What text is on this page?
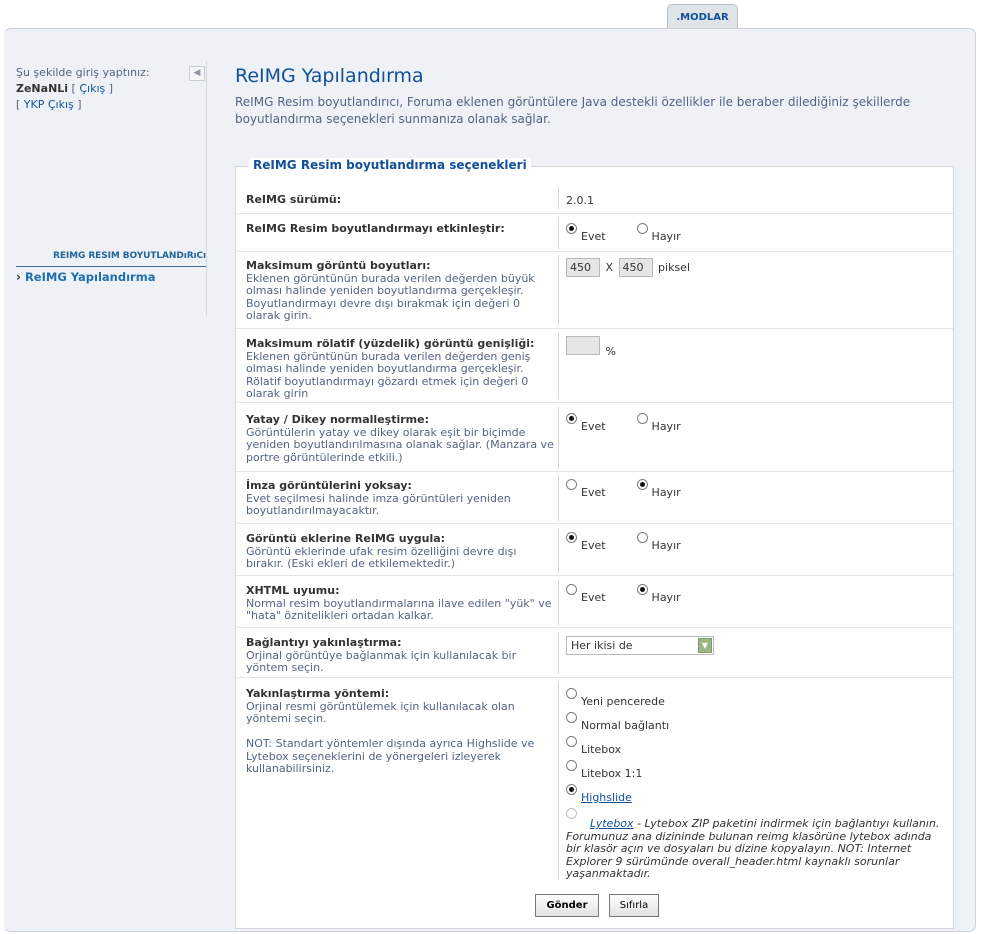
.MODLAR
Şu şekilde giriş yaptınız:
ZeNaNLi [ Çıkış ]
[ YKP Çıkış ]
◀
REIMG RESIM BOYUTLANDıRıCı
› ReIMG Yapılandırma
ReIMG Yapılandırma
ReIMG Resim boyutlandırıcı, Foruma eklenen görüntülere Java destekli özellikler ile beraber dilediğiniz şekillerde boyutlandırma seçenekleri sunmanıza olanak sağlar.
ReIMG Resim boyutlandırma seçenekleri
ReIMG sürümü:	2.0.1
ReIMG Resim boyutlandırmayı etkinleştir:
Evet	Hayır
Maksimum görüntü boyutları:
Eklenen görüntünün burada verilen değerden büyük olması halinde yeniden boyutlandırma gerçekleşir. Boyutlandırmayı devre dışı bırakmak için değeri 0 olarak girin.
450 X 450 piksel
Maksimum rölatif (yüzdelik) görüntü genişliği:
Eklenen görüntünün burada verilen değerden geniş olması halinde yeniden boyutlandırma gerçekleşir. Rölatif boyutlandırmayı gözardı etmek için değeri 0 olarak girin
%
Yatay / Dikey normalleştirme:
Görüntülerin yatay ve dikey olarak eşit bir biçimde yeniden boyutlandırılmasına olanak sağlar. (Manzara ve portre görüntülerinde etkili.)
Evet	Hayır
İmza görüntülerini yoksay:
Evet seçilmesi halinde imza görüntüleri yeniden boyutlandırılmayacaktır.
Evet	Hayır
Görüntü eklerine ReIMG uygula:
Görüntü eklerinde ufak resim özelliğini devre dışı bırakır. (Eski ekleri de etkilemektedir.)
Evet	Hayır
XHTML uyumu:
Normal resim boyutlandırmalarına ilave edilen "yük" ve "hata" öznitelikleri ortadan kalkar.
Evet	Hayır
Bağlantıyı yakınlaştırma:
Orjinal görüntüye bağlanmak için kullanılacak bir yöntem seçin.
Her ikisi de	▼
Yakınlaştırma yöntemi:
Orjinal resmi görüntülemek için kullanılacak olan yöntemi seçin.

NOT: Standart yöntemler dışında ayrıca Highslide ve Lytebox seçeneklerini de yönergeleri izleyerek kullanabilirsiniz.
Yeni pencerede
Normal bağlantı
Litebox
Litebox 1:1
Highslide

Lytebox - Lytebox ZIP paketini indirmek için bağlantıyı kullanın. Forumunuz ana dizininde bulunan reimg klasörüne lytebox adında bir klasör açın ve dosyaları bu dizine kopyalayın. NOT: Internet Explorer 9 sürümünde overall_header.html kaynaklı sorunlar yaşanmaktadır.
Gönder	Sıfırla
